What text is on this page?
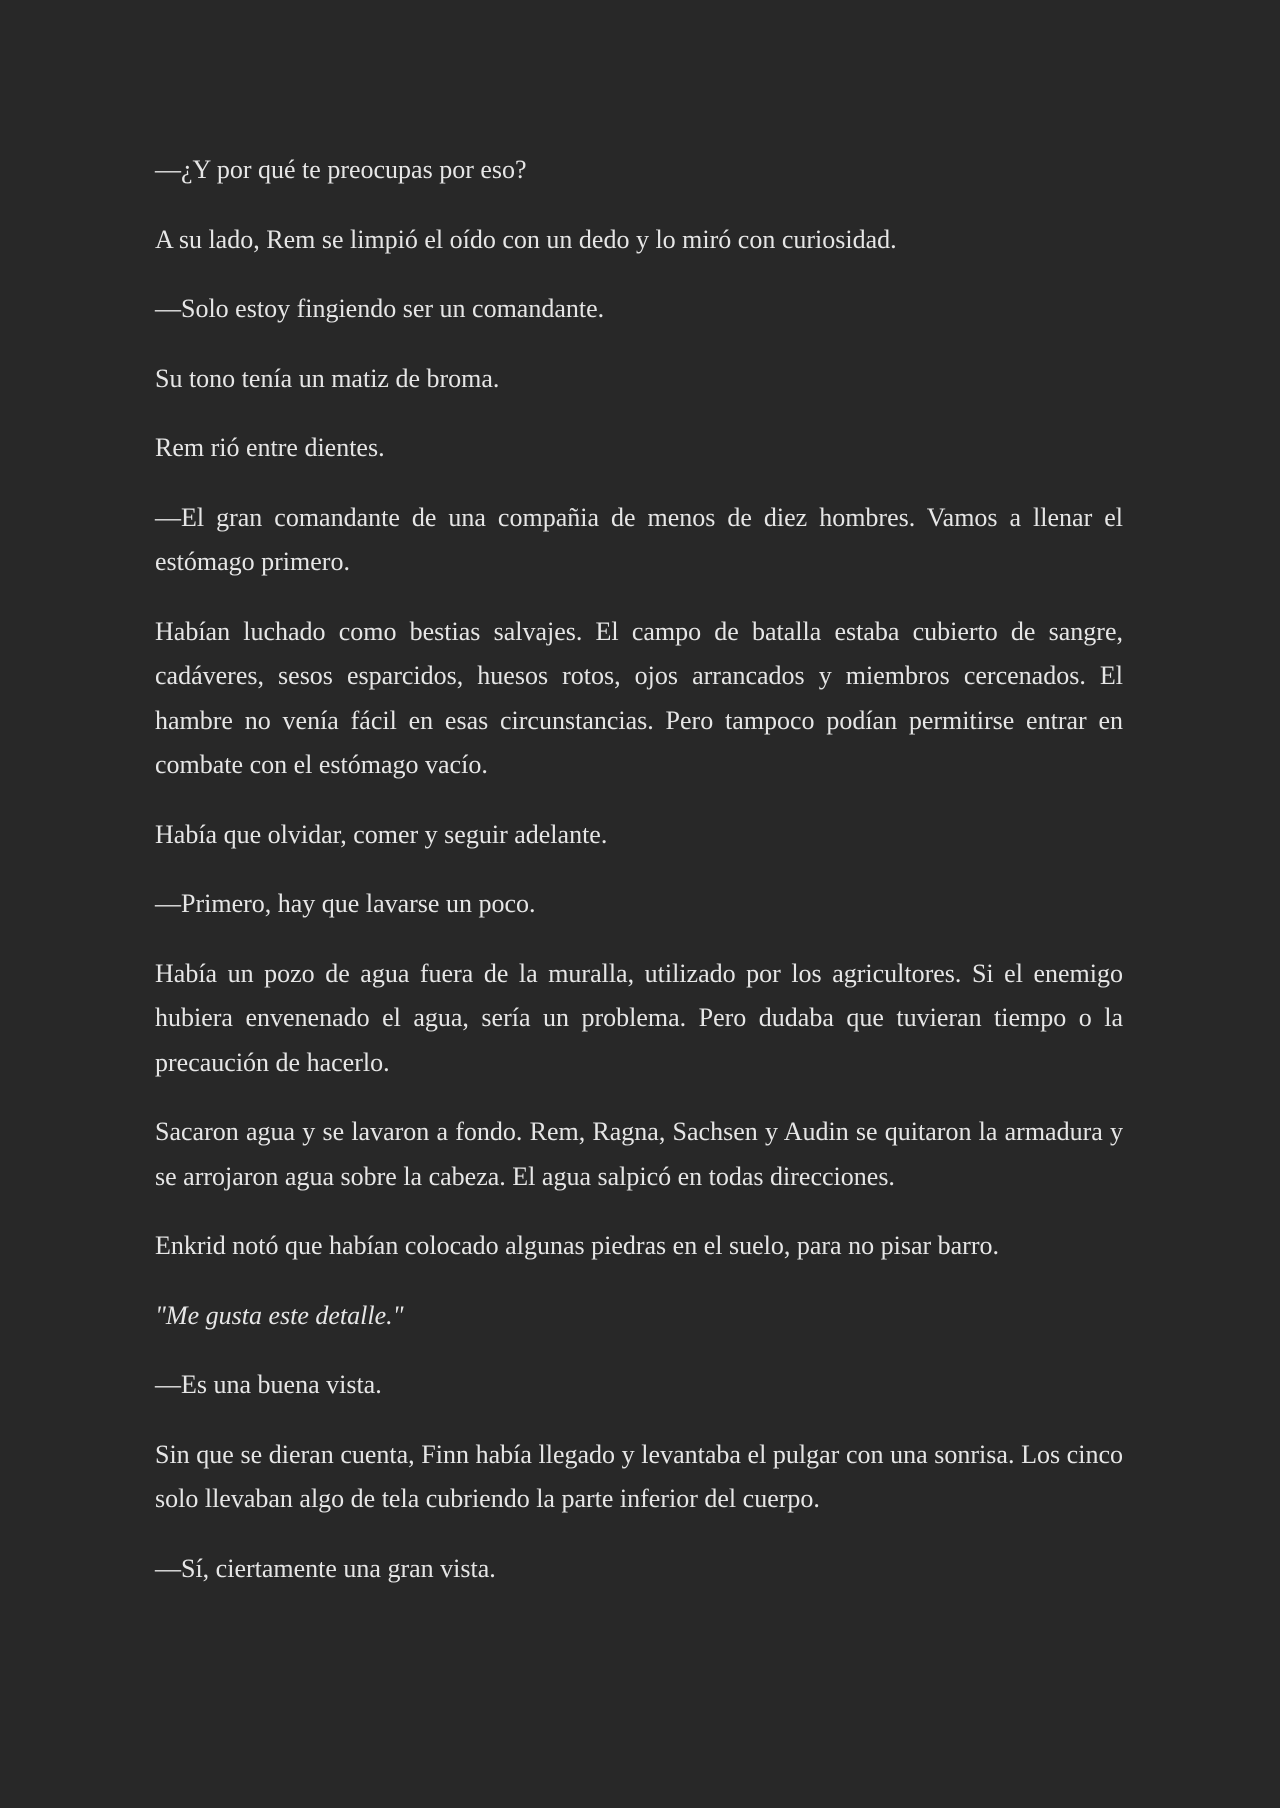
—¿Y por qué te preocupas por eso?

A su lado, Rem se limpió el oído con un dedo y lo miró con curiosidad.

—Solo estoy fingiendo ser un comandante.

Su tono tenía un matiz de broma.

Rem rió entre dientes.

—El gran comandante de una compañia de menos de diez hombres. Vamos a llenar el estómago primero.

Habían luchado como bestias salvajes. El campo de batalla estaba cubierto de sangre, cadáveres, sesos esparcidos, huesos rotos, ojos arrancados y miembros cercenados. El hambre no venía fácil en esas circunstancias. Pero tampoco podían permitirse entrar en combate con el estómago vacío.

Había que olvidar, comer y seguir adelante.

—Primero, hay que lavarse un poco.

Había un pozo de agua fuera de la muralla, utilizado por los agricultores. Si el enemigo hubiera envenenado el agua, sería un problema. Pero dudaba que tuvieran tiempo o la precaución de hacerlo.

Sacaron agua y se lavaron a fondo. Rem, Ragna, Sachsen y Audin se quitaron la armadura y se arrojaron agua sobre la cabeza. El agua salpicó en todas direcciones.

Enkrid notó que habían colocado algunas piedras en el suelo, para no pisar barro.

"Me gusta este detalle."

—Es una buena vista.

Sin que se dieran cuenta, Finn había llegado y levantaba el pulgar con una sonrisa. Los cinco solo llevaban algo de tela cubriendo la parte inferior del cuerpo.

—Sí, ciertamente una gran vista.
